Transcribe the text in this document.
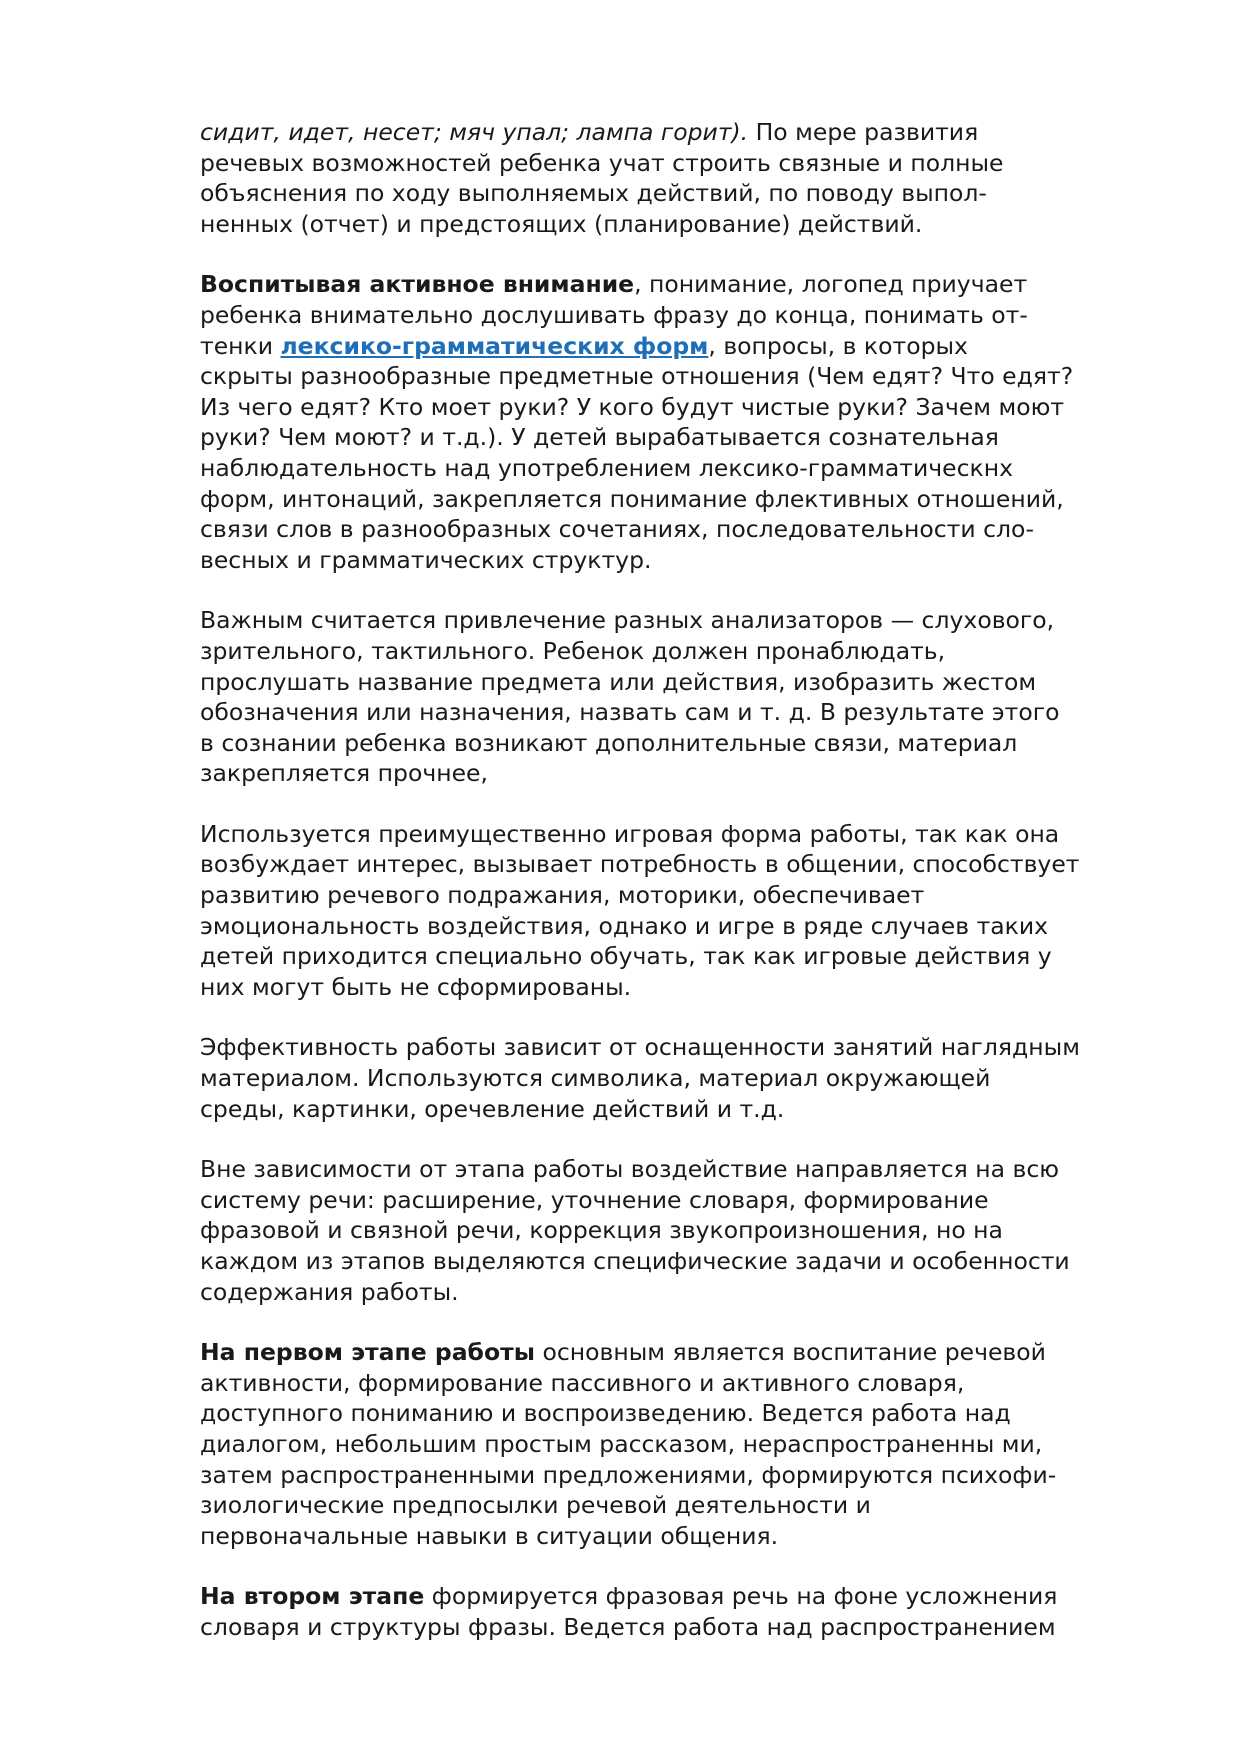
сидит, идет, несет; мяч упал; лампа горит). По мере развития
речевых возможностей ребенка учат строить связные и полные
объяснения по ходу выполняемых действий, по поводу выпол-
ненных (отчет) и предстоящих (планирование) действий.

Воспитывая активное внимание, понимание, логопед приучает
ребенка внимательно дослушивать фразу до конца, понимать от-
тенки лексико-грамматических форм, вопросы, в которых
скрыты разнообразные предметные отношения (Чем едят? Что едят?
Из чего едят? Кто моет руки? У кого будут чистые руки? Зачем моют
руки? Чем моют? и т.д.). У детей вырабатывается сознательная
наблюдательность над употреблением лексико-грамматическнх
форм, интонаций, закрепляется понимание флективных отношений,
связи слов в разнообразных сочетаниях, последовательности сло-
весных и грамматических структур.

Важным считается привлечение разных анализаторов — слухового,
зрительного, тактильного. Ребенок должен пронаблюдать,
прослушать название предмета или действия, изобразить жестом
обозначения или назначения, назвать сам и т. д. В результате этого
в сознании ребенка возникают дополнительные связи, материал
закрепляется прочнее,

Используется преимущественно игровая форма работы, так как она
возбуждает интерес, вызывает потребность в общении, способствует
развитию речевого подражания, моторики, обеспечивает
эмоциональность воздействия, однако и игре в ряде случаев таких
детей приходится специально обучать, так как игровые действия у
них могут быть не сформированы.

Эффективность работы зависит от оснащенности занятий наглядным
материалом. Используются символика, материал окружающей
среды, картинки, оречевление действий и т.д.

Вне зависимости от этапа работы воздействие направляется на всю
систему речи: расширение, уточнение словаря, формирование
фразовой и связной речи, коррекция звукопроизношения, но на
каждом из этапов выделяются специфические задачи и особенности
содержания работы.

На первом этапе работы основным является воспитание речевой
активности, формирование пассивного и активного словаря,
доступного пониманию и воспроизведению. Ведется работа над
диалогом, небольшим простым рассказом, нераспространенны ми,
затем распространенными предложениями, формируются психофи-
зиологические предпосылки речевой деятельности и
первоначальные навыки в ситуации общения.

На втором этапе формируется фразовая речь на фоне усложнения
словаря и структуры фразы. Ведется работа над распространением
